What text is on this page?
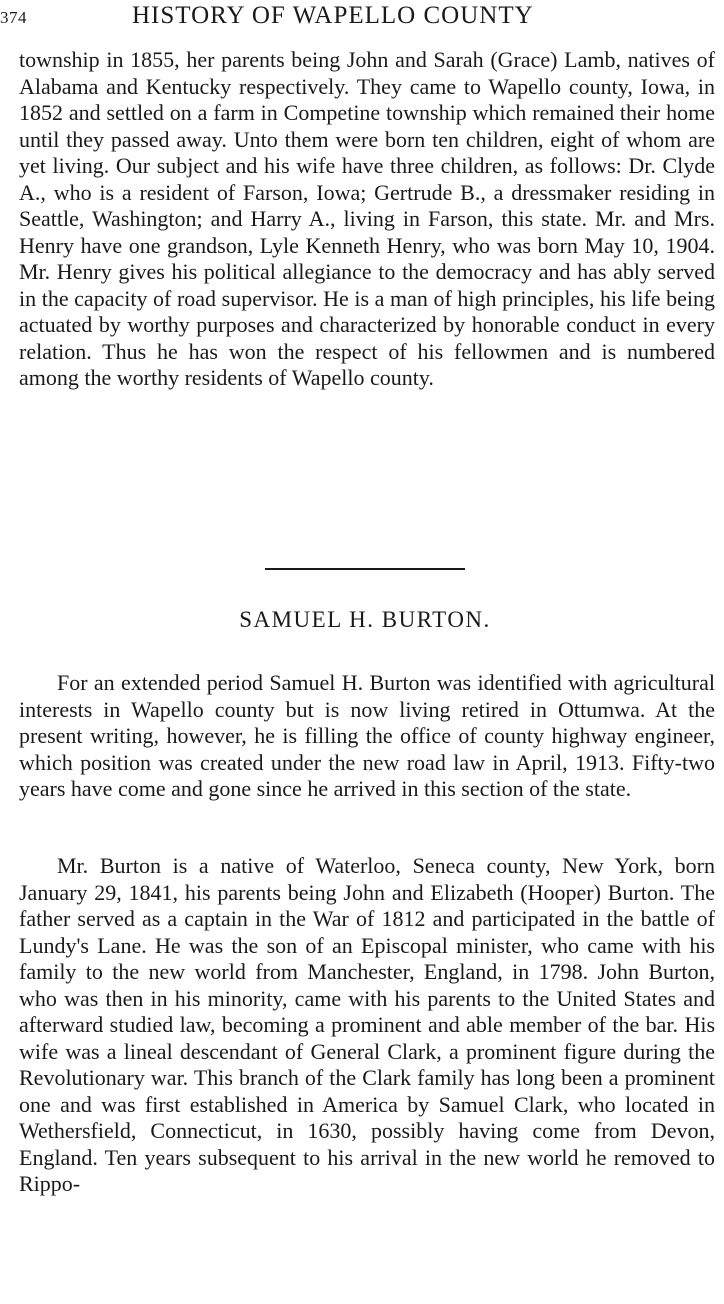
374	HISTORY OF WAPELLO COUNTY

township in 1855, her parents being John and Sarah (Grace) Lamb, natives of Alabama and Kentucky respectively. They came to Wapello county, Iowa, in 1852 and settled on a farm in Competine township which remained their home until they passed away. Unto them were born ten children, eight of whom are yet living. Our subject and his wife have three children, as follows: Dr. Clyde A., who is a resident of Farson, Iowa; Gertrude B., a dressmaker residing in Seattle, Washington; and Harry A., living in Farson, this state. Mr. and Mrs. Henry have one grandson, Lyle Kenneth Henry, who was born May 10, 1904. Mr. Henry gives his political allegiance to the democracy and has ably served in the capacity of road supervisor. He is a man of high principles, his life being actuated by worthy purposes and characterized by honorable conduct in every relation. Thus he has won the respect of his fellowmen and is numbered among the worthy residents of Wapello county.

SAMUEL H. BURTON.

For an extended period Samuel H. Burton was identified with agricultural interests in Wapello county but is now living retired in Ottumwa. At the present writing, however, he is filling the office of county highway engineer, which position was created under the new road law in April, 1913. Fifty-two years have come and gone since he arrived in this section of the state.

Mr. Burton is a native of Waterloo, Seneca county, New York, born January 29, 1841, his parents being John and Elizabeth (Hooper) Burton. The father served as a captain in the War of 1812 and participated in the battle of Lundy's Lane. He was the son of an Episcopal minister, who came with his family to the new world from Manchester, England, in 1798. John Burton, who was then in his minority, came with his parents to the United States and afterward studied law, becoming a prominent and able member of the bar. His wife was a lineal descendant of General Clark, a prominent figure during the Revolutionary war. This branch of the Clark family has long been a prominent one and was first established in America by Samuel Clark, who located in Wethersfield, Connecticut, in 1630, possibly having come from Devon, England. Ten years subsequent to his arrival in the new world he removed to Rippo-
